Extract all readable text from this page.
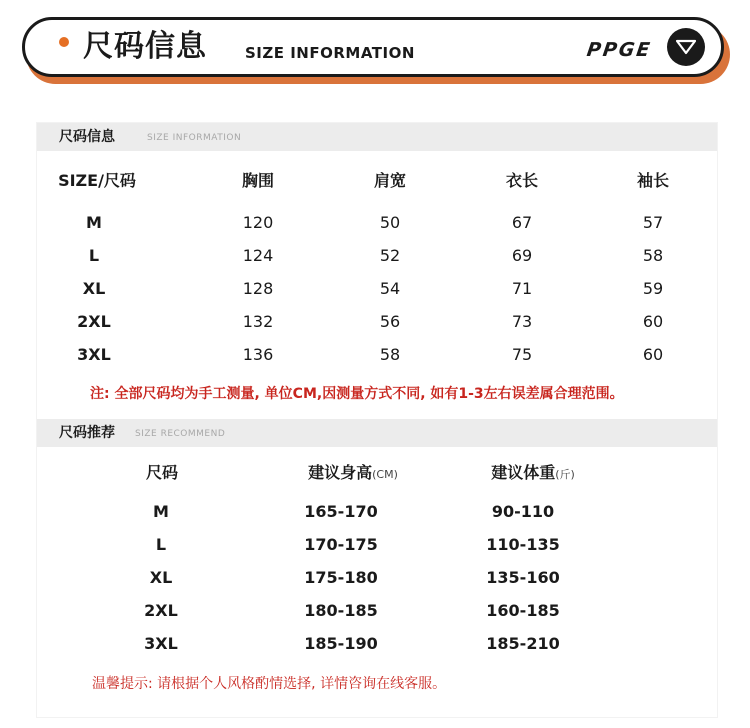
尺码信息	SIZE INFORMATION	PPGE
尺码信息	SIZE INFORMATION
SIZE/尺码	胸围	肩宽	衣长	袖长
M	120	50	67	57
L	124	52	69	58
XL	128	54	71	59
2XL	132	56	73	60
3XL	136	58	75	60
注: 全部尺码均为手工测量, 单位CM,因测量方式不同, 如有1-3左右误差属合理范围。
尺码推荐 SIZE RECOMMEND
尺码	建议身高(CM)	建议体重(斤)
M	165-170	90-110
L	170-175	110-135
XL	175-180	135-160
2XL	180-185	160-185
3XL	185-190	185-210
温馨提示: 请根据个人风格酌情选择, 详情咨询在线客服。
